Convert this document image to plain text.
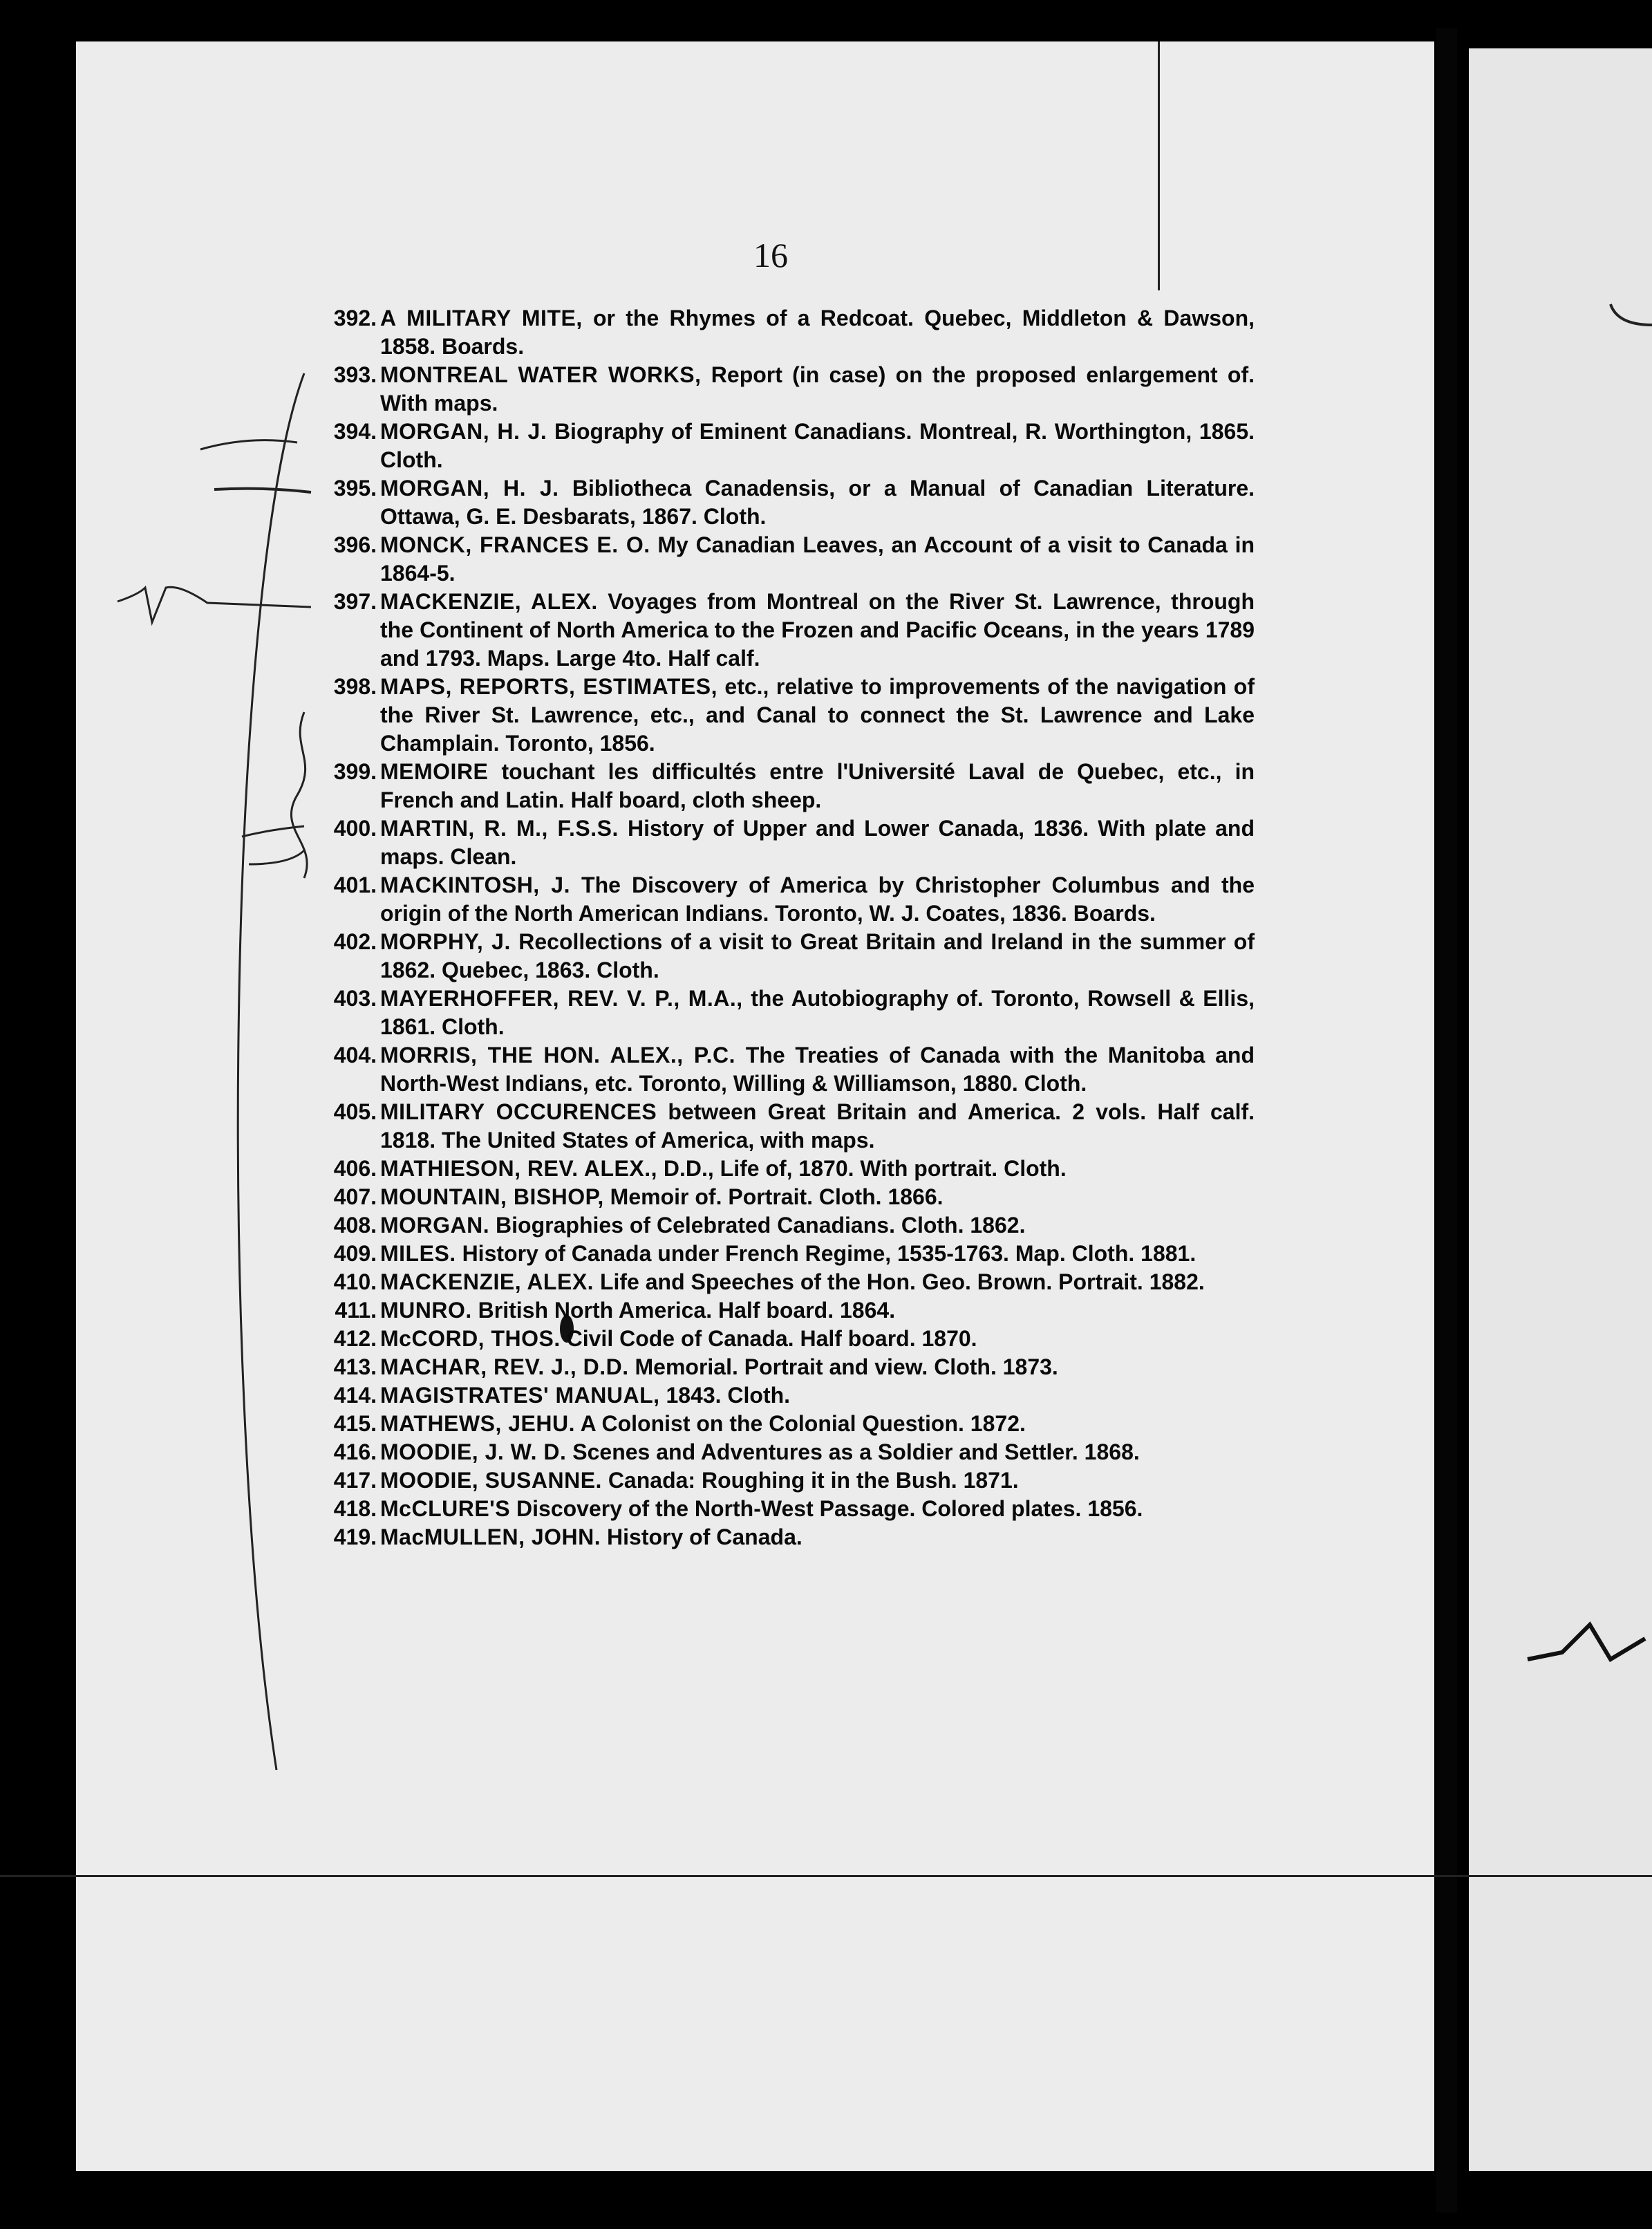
16
392. A MILITARY MITE, or the Rhymes of a Redcoat. Quebec, Middleton & Dawson, 1858. Boards.
393. MONTREAL WATER WORKS, Report (in case) on the proposed enlargement of. With maps.
394. MORGAN, H. J. Biography of Eminent Canadians. Montreal, R. Worthington, 1865. Cloth.
395. MORGAN, H. J. Bibliotheca Canadensis, or a Manual of Canadian Literature. Ottawa, G. E. Desbarats, 1867. Cloth.
396. MONCK, FRANCES E. O. My Canadian Leaves, an Account of a visit to Canada in 1864-5.
397. MACKENZIE, ALEX. Voyages from Montreal on the River St. Lawrence, through the Continent of North America to the Frozen and Pacific Oceans, in the years 1789 and 1793. Maps. Large 4to. Half calf.
398. MAPS, REPORTS, ESTIMATES, etc., relative to improvements of the navigation of the River St. Lawrence, etc., and Canal to connect the St. Lawrence and Lake Champlain. Toronto, 1856.
399. MEMOIRE touchant les difficultés entre l'Université Laval de Quebec, etc., in French and Latin. Half board, cloth sheep.
400. MARTIN, R. M., F.S.S. History of Upper and Lower Canada, 1836. With plate and maps. Clean.
401. MACKINTOSH, J. The Discovery of America by Christopher Columbus and the origin of the North American Indians. Toronto, W. J. Coates, 1836. Boards.
402. MORPHY, J. Recollections of a visit to Great Britain and Ireland in the summer of 1862. Quebec, 1863. Cloth.
403. MAYERHOFFER, REV. V. P., M.A., the Autobiography of. Toronto, Rowsell & Ellis, 1861. Cloth.
404. MORRIS, THE HON. ALEX., P.C. The Treaties of Canada with the Manitoba and North-West Indians, etc. Toronto, Willing & Williamson, 1880. Cloth.
405. MILITARY OCCURENCES between Great Britain and America. 2 vols. Half calf. 1818. The United States of America, with maps.
406. MATHIESON, REV. ALEX., D.D., Life of, 1870. With portrait. Cloth.
407. MOUNTAIN, BISHOP, Memoir of. Portrait. Cloth. 1866.
408. MORGAN. Biographies of Celebrated Canadians. Cloth. 1862.
409. MILES. History of Canada under French Regime, 1535-1763. Map. Cloth. 1881.
410. MACKENZIE, ALEX. Life and Speeches of the Hon. Geo. Brown. Portrait. 1882.
411. MUNRO. British North America. Half board. 1864.
412. McCORD, THOS. Civil Code of Canada. Half board. 1870.
413. MACHAR, REV. J., D.D. Memorial. Portrait and view. Cloth. 1873.
414. MAGISTRATES' MANUAL, 1843. Cloth.
415. MATHEWS, JEHU. A Colonist on the Colonial Question. 1872.
416. MOODIE, J. W. D. Scenes and Adventures as a Soldier and Settler. 1868.
417. MOODIE, SUSANNE. Canada: Roughing it in the Bush. 1871.
418. McCLURE'S Discovery of the North-West Passage. Colored plates. 1856.
419. MacMULLEN, JOHN. History of Canada.
